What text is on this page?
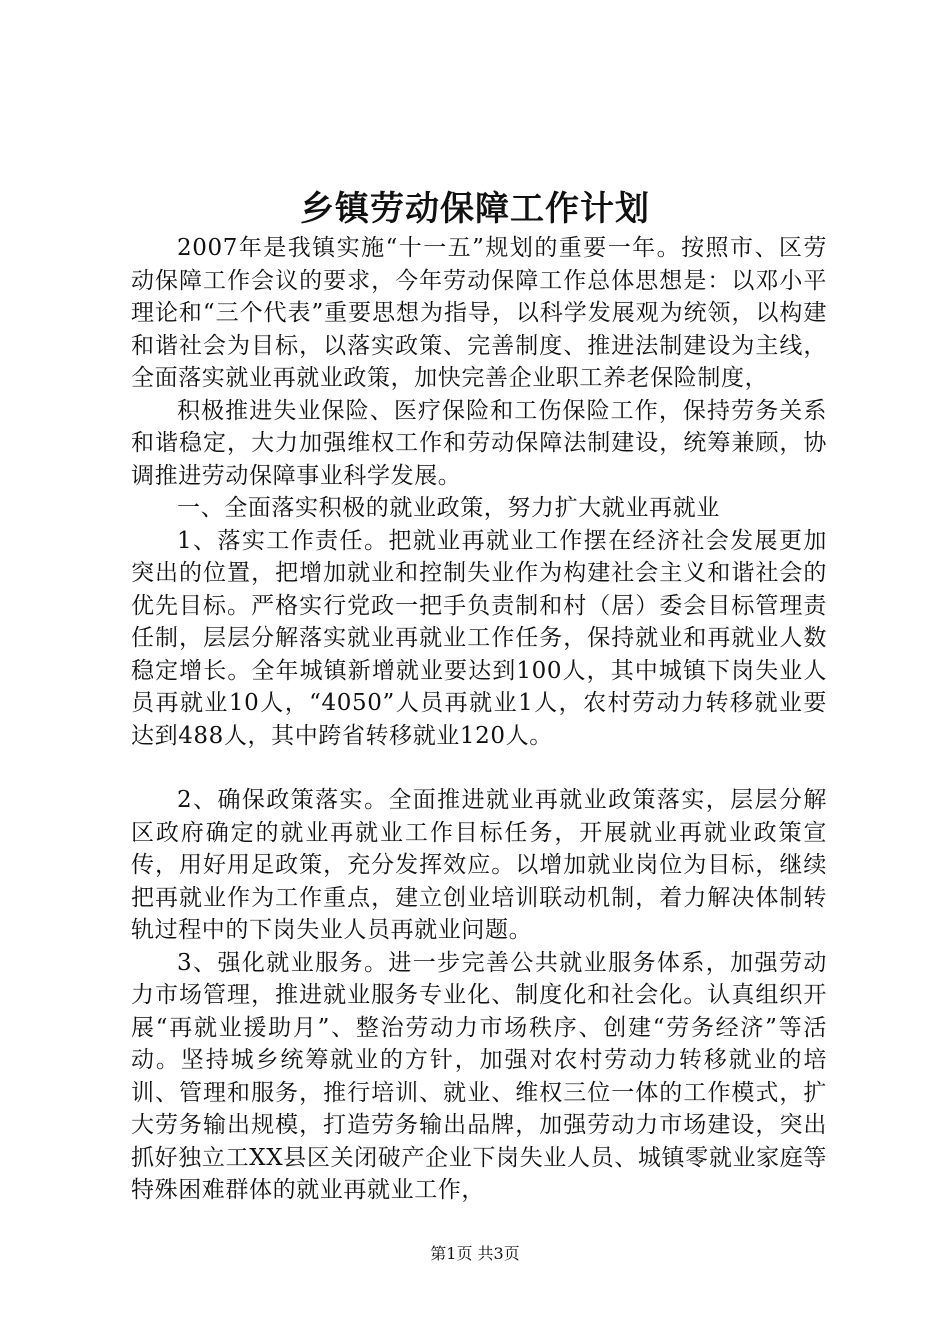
乡镇劳动保障工作计划

2007年是我镇实施“十一五”规划的重要一年。按照市、区劳动保障工作会议的要求，今年劳动保障工作总体思想是：以邓小平理论和“三个代表”重要思想为指导，以科学发展观为统领，以构建和谐社会为目标，以落实政策、完善制度、推进法制建设为主线，全面落实就业再就业政策，加快完善企业职工养老保险制度，

积极推进失业保险、医疗保险和工伤保险工作，保持劳务关系和谐稳定，大力加强维权工作和劳动保障法制建设，统筹兼顾，协调推进劳动保障事业科学发展。

一、全面落实积极的就业政策，努力扩大就业再就业

1、落实工作责任。把就业再就业工作摆在经济社会发展更加突出的位置，把增加就业和控制失业作为构建社会主义和谐社会的优先目标。严格实行党政一把手负责制和村（居）委会目标管理责任制，层层分解落实就业再就业工作任务，保持就业和再就业人数稳定增长。全年城镇新增就业要达到100人，其中城镇下岗失业人员再就业10人，“4050”人员再就业1人，农村劳动力转移就业要达到488人，其中跨省转移就业120人。

2、确保政策落实。全面推进就业再就业政策落实，层层分解区政府确定的就业再就业工作目标任务，开展就业再就业政策宣传，用好用足政策，充分发挥效应。以增加就业岗位为目标，继续把再就业作为工作重点，建立创业培训联动机制，着力解决体制转轨过程中的下岗失业人员再就业问题。

3、强化就业服务。进一步完善公共就业服务体系，加强劳动力市场管理，推进就业服务专业化、制度化和社会化。认真组织开展“再就业援助月”、整治劳动力市场秩序、创建“劳务经济”等活动。坚持城乡统筹就业的方针，加强对农村劳动力转移就业的培训、管理和服务，推行培训、就业、维权三位一体的工作模式，扩大劳务输出规模，打造劳务输出品牌，加强劳动力市场建设，突出抓好独立工XX县区关闭破产企业下岗失业人员、城镇零就业家庭等特殊困难群体的就业再就业工作，

第1页 共3页
